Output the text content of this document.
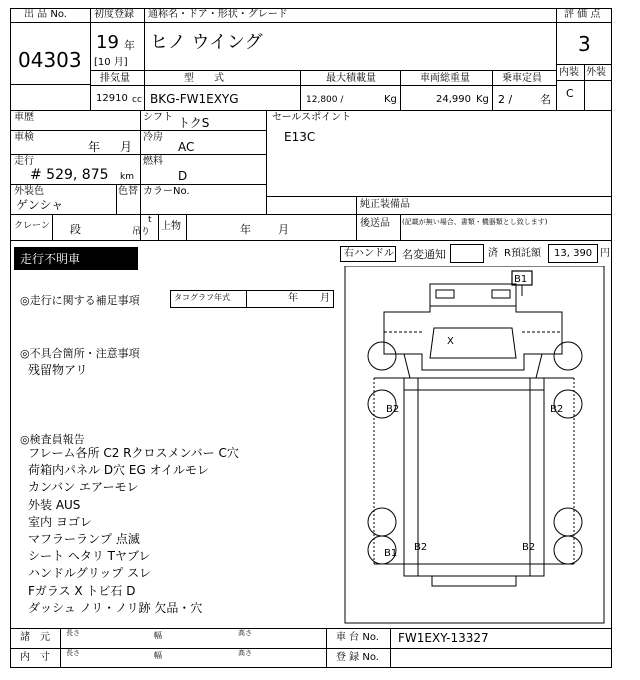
出 品 No.
04303
初度登録 通称名・ドア・形状・グレード
19 年
[10 月]
ヒノ ウイング
評 価 点
3
内装 外装
C
排気量
12910 cc
型　　式
BKG-FW1EXYG
最大積載量
12,800 /	Kg
車両総重量
24,990 Kg
乗車定員
2 /	名
車歴	シフト トクS
車検
年 月
冷房
AC
走行
# 529, 875 km
燃料
D
外装色
ゲンシャ
色替 カラーNo.
クレーン 段
t
吊り 上物	年 月
セールスポイント
E13C
純正装備品
後送品 (記載が無い場合、書類・機器類とし致します)
走行不明車	右ハンドル 名変通知	済 R預託額 13, 390 円
◎走行に関する補足事項	タコグラフ年式	年 月
◎不具合箇所・注意事項
残留物アリ
◎検査員報告
フレーム各所 C2 Rクロスメンバー C穴
荷箱内パネル D穴 EG オイルモレ
カンバン エアーモレ
外装 AUS
室内 ヨゴレ
マフラーランプ 点滅
シート ヘタリ Tヤブレ
ハンドルグリップ スレ
Fガラス X トビ石 D
ダッシュ ノリ・ノリ跡 欠品・穴
B1
X
B2	B2
B1
B2	B2
諸　元 長さ	幅	高さ
内　寸 長さ	幅	高さ
車 台 No. FW1EXY-13327
登 録 No.
